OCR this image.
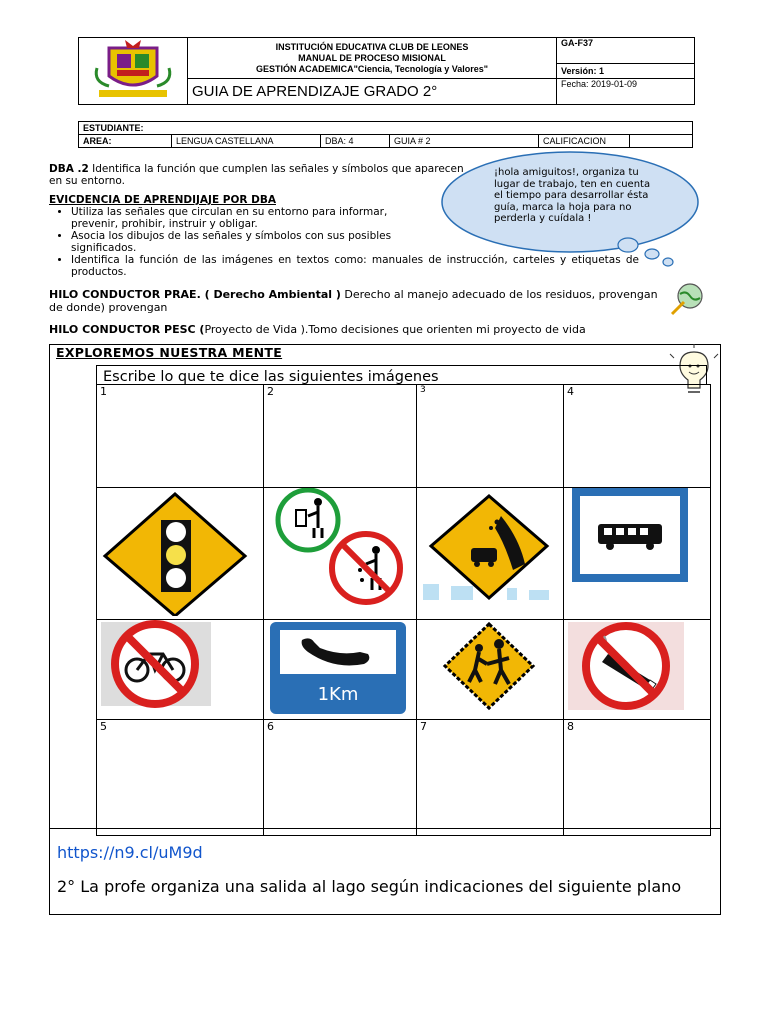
INSTITUCIÓN EDUCATIVA CLUB DE LEONES
MANUAL DE PROCESO MISIONAL
GESTIÓN ACADEMICA"Ciencia, Tecnología y Valores"	GA-F37
		Versión: 1
	GUIA DE APRENDIZAJE GRADO 2°	Fecha: 2019-01-09
ESTUDIANTE:
AREA:	LENGUA CASTELLANA	DBA: 4	GUIA # 2	CALIFICACION	
DBA .2 Identifica la función que cumplen las señales y símbolos que aparecen en su entorno.
¡hola amiguitos!, organiza tu lugar de trabajo, ten en cuenta el tiempo para desarrollar ésta guía, marca la hoja para no perderla y cuídala !
EVICDENCIA DE APRENDIJAJE POR DBA
• Utiliza las señales que circulan en su entorno para informar, prevenir, prohibir, instruir y obligar.
• Asocia los dibujos de las señales y símbolos con sus posibles significados.
• Identifica la función de las imágenes en textos como: manuales de instrucción, carteles y etiquetas de productos.
HILO CONDUCTOR PRAE. ( Derecho Ambiental ) Derecho al manejo adecuado de los residuos, provengan de donde) provengan
HILO CONDUCTOR PESC (Proyecto de Vida ).Tomo decisiones que orienten mi proyecto de vida
EXPLOREMOS NUESTRA MENTE
Escribe lo que te dice las siguientes imágenes
1	2	$^3$	4

1Km

5	6	7	8
https://n9.cl/uM9d
2° La profe organiza una salida al lago según indicaciones del siguiente plano
